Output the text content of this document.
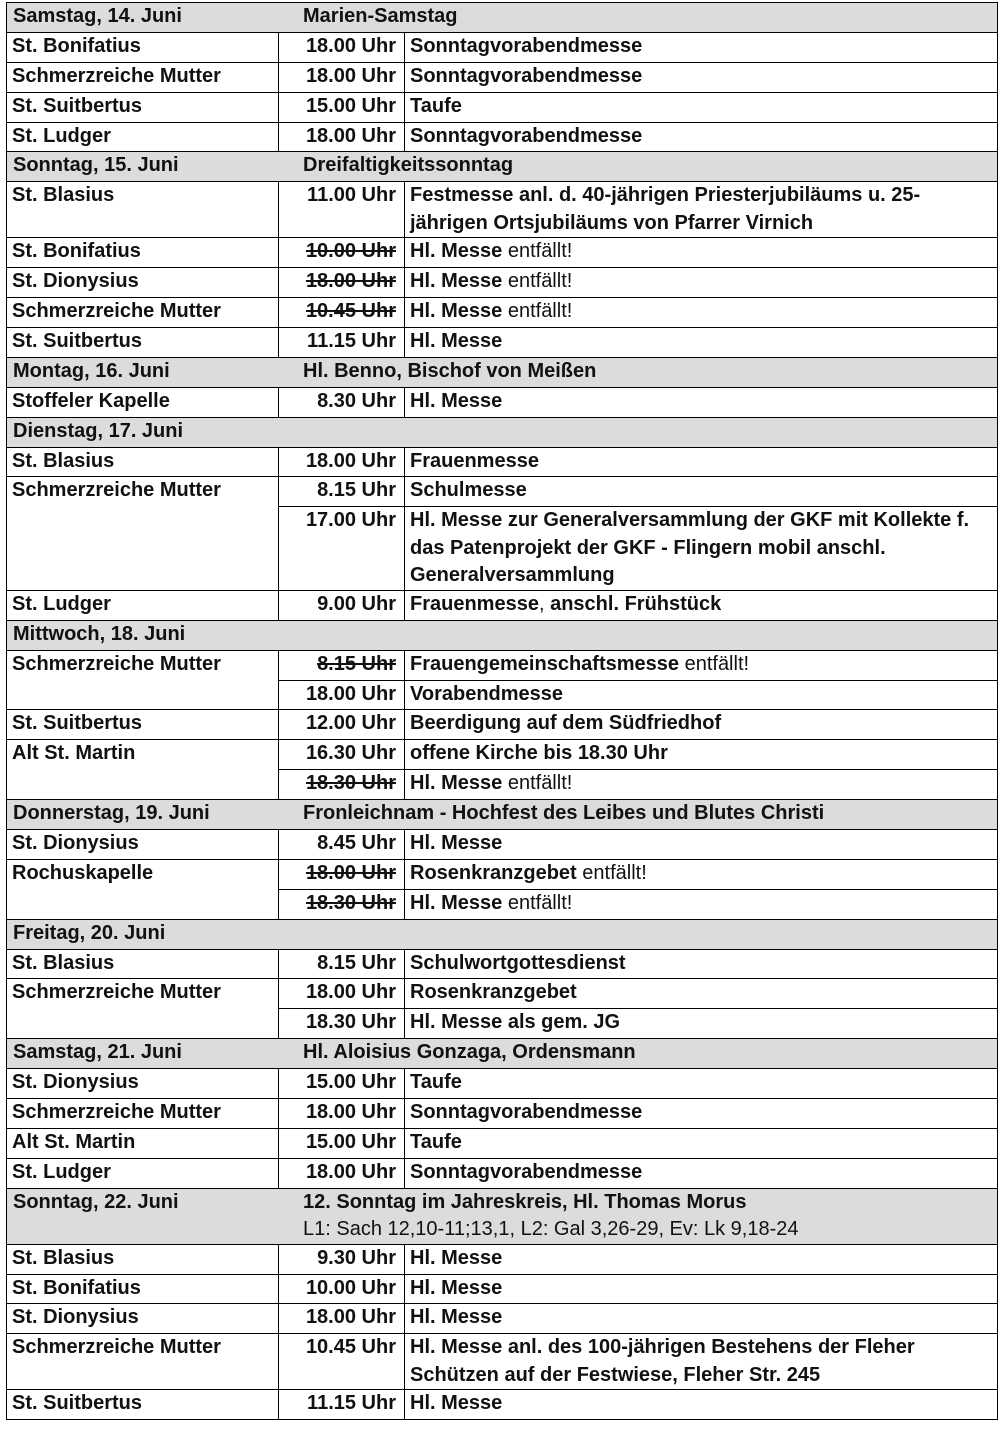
Samstag, 14. Juni Marien-Samstag		
St. Bonifatius	18.00 Uhr	Sonntagvorabendmesse
Schmerzreiche Mutter	18.00 Uhr	Sonntagvorabendmesse
St. Suitbertus	15.00 Uhr	Taufe
St. Ludger	18.00 Uhr	Sonntagvorabendmesse
Sonntag, 15. Juni Dreifaltigkeitssonntag		
St. Blasius	11.00 Uhr	Festmesse anl. d. 40-jährigen Priesterjubiläums u. 25-jährigen Ortsjubiläums von Pfarrer Virnich
St. Bonifatius	10.00 Uhr	Hl. Messe entfällt!
St. Dionysius	18.00 Uhr	Hl. Messe entfällt!
Schmerzreiche Mutter	10.45 Uhr	Hl. Messe entfällt!
St. Suitbertus	11.15 Uhr	Hl. Messe
Montag, 16. Juni Hl. Benno, Bischof von Meißen		
Stoffeler Kapelle	8.30 Uhr	Hl. Messe
Dienstag, 17. Juni		
St. Blasius	18.00 Uhr	Frauenmesse
Schmerzreiche Mutter	8.15 Uhr	Schulmesse
	17.00 Uhr	Hl. Messe zur Generalversammlung der GKF mit Kollekte f. das Patenprojekt der GKF - Flingern mobil anschl. Generalversammlung
St. Ludger	9.00 Uhr	Frauenmesse, anschl. Frühstück
Mittwoch, 18. Juni		
Schmerzreiche Mutter	8.15 Uhr	Frauengemeinschaftsmesse entfällt!
	18.00 Uhr	Vorabendmesse
St. Suitbertus	12.00 Uhr	Beerdigung auf dem Südfriedhof
Alt St. Martin	16.30 Uhr	offene Kirche bis 18.30 Uhr
	18.30 Uhr	Hl. Messe entfällt!
Donnerstag, 19. Juni Fronleichnam - Hochfest des Leibes und Blutes Christi		
St. Dionysius	8.45 Uhr	Hl. Messe
Rochuskapelle	18.00 Uhr	Rosenkranzgebet entfällt!
	18.30 Uhr	Hl. Messe entfällt!
Freitag, 20. Juni		
St. Blasius	8.15 Uhr	Schulwortgottesdienst
Schmerzreiche Mutter	18.00 Uhr	Rosenkranzgebet
	18.30 Uhr	Hl. Messe als gem. JG
Samstag, 21. Juni Hl. Aloisius Gonzaga, Ordensmann		
St. Dionysius	15.00 Uhr	Taufe
Schmerzreiche Mutter	18.00 Uhr	Sonntagvorabendmesse
Alt St. Martin	15.00 Uhr	Taufe
St. Ludger	18.00 Uhr	Sonntagvorabendmesse
Sonntag, 22. Juni 12. Sonntag im Jahreskreis, Hl. Thomas Morus
L1: Sach 12,10-11;13,1, L2: Gal 3,26-29, Ev: Lk 9,18-24		
St. Blasius	9.30 Uhr	Hl. Messe
St. Bonifatius	10.00 Uhr	Hl. Messe
St. Dionysius	18.00 Uhr	Hl. Messe
Schmerzreiche Mutter	10.45 Uhr	Hl. Messe anl. des 100-jährigen Bestehens der Fleher Schützen auf der Festwiese, Fleher Str. 245
St. Suitbertus	11.15 Uhr	Hl. Messe
